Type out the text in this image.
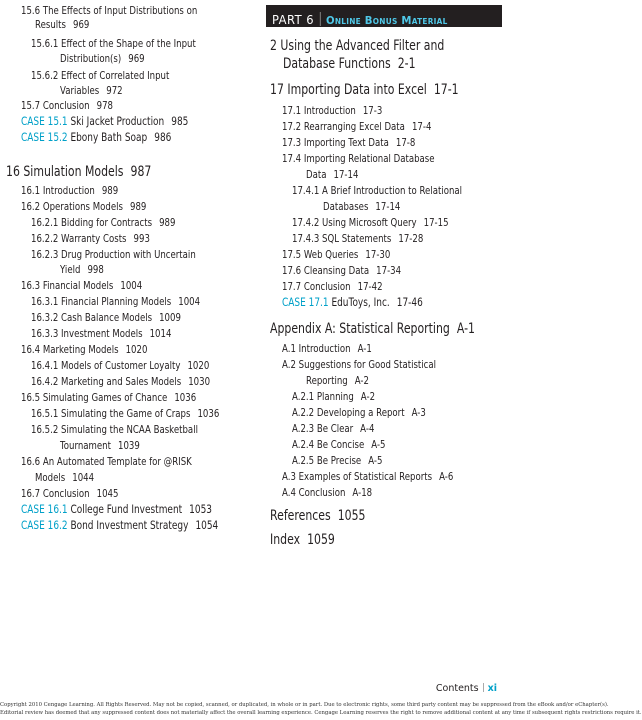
15.6 The Effects of Input Distributions on
Results 969
15.6.1 Effect of the Shape of the Input
Distribution(s) 969
15.6.2 Effect of Correlated Input
Variables 972
15.7 Conclusion 978
CASE 15.1 Ski Jacket Production 985
CASE 15.2 Ebony Bath Soap 986
16 Simulation Models 987
16.1 Introduction 989
16.2 Operations Models 989
16.2.1 Bidding for Contracts 989
16.2.2 Warranty Costs 993
16.2.3 Drug Production with Uncertain
Yield 998
16.3 Financial Models 1004
16.3.1 Financial Planning Models 1004
16.3.2 Cash Balance Models 1009
16.3.3 Investment Models 1014
16.4 Marketing Models 1020
16.4.1 Models of Customer Loyalty 1020
16.4.2 Marketing and Sales Models 1030
16.5 Simulating Games of Chance 1036
16.5.1 Simulating the Game of Craps 1036
16.5.2 Simulating the NCAA Basketball
Tournament 1039
16.6 An Automated Template for @RISK
Models 1044
16.7 Conclusion 1045
CASE 16.1 College Fund Investment 1053
CASE 16.2 Bond Investment Strategy 1054
PART 6 Online Bonus Material
2 Using the Advanced Filter and
Database Functions 2-1
17 Importing Data into Excel 17-1
17.1 Introduction 17-3
17.2 Rearranging Excel Data 17-4
17.3 Importing Text Data 17-8
17.4 Importing Relational Database
Data 17-14
17.4.1 A Brief Introduction to Relational
Databases 17-14
17.4.2 Using Microsoft Query 17-15
17.4.3 SQL Statements 17-28
17.5 Web Queries 17-30
17.6 Cleansing Data 17-34
17.7 Conclusion 17-42
CASE 17.1 EduToys, Inc. 17-46
Appendix A: Statistical Reporting A-1
A.1 Introduction A-1
A.2 Suggestions for Good Statistical
Reporting A-2
A.2.1 Planning A-2
A.2.2 Developing a Report A-3
A.2.3 Be Clear A-4
A.2.4 Be Concise A-5
A.2.5 Be Precise A-5
A.3 Examples of Statistical Reports A-6
A.4 Conclusion A-18
References 1055
Index 1059
Contents xi
Copyright 2010 Cengage Learning. All Rights Reserved. May not be copied, scanned, or duplicated, in whole or in part. Due to electronic rights, some third party content may be suppressed from the eBook and/or eChapter(s).
Editorial review has deemed that any suppressed content does not materially affect the overall learning experience. Cengage Learning reserves the right to remove additional content at any time if subsequent rights restrictions require it.
